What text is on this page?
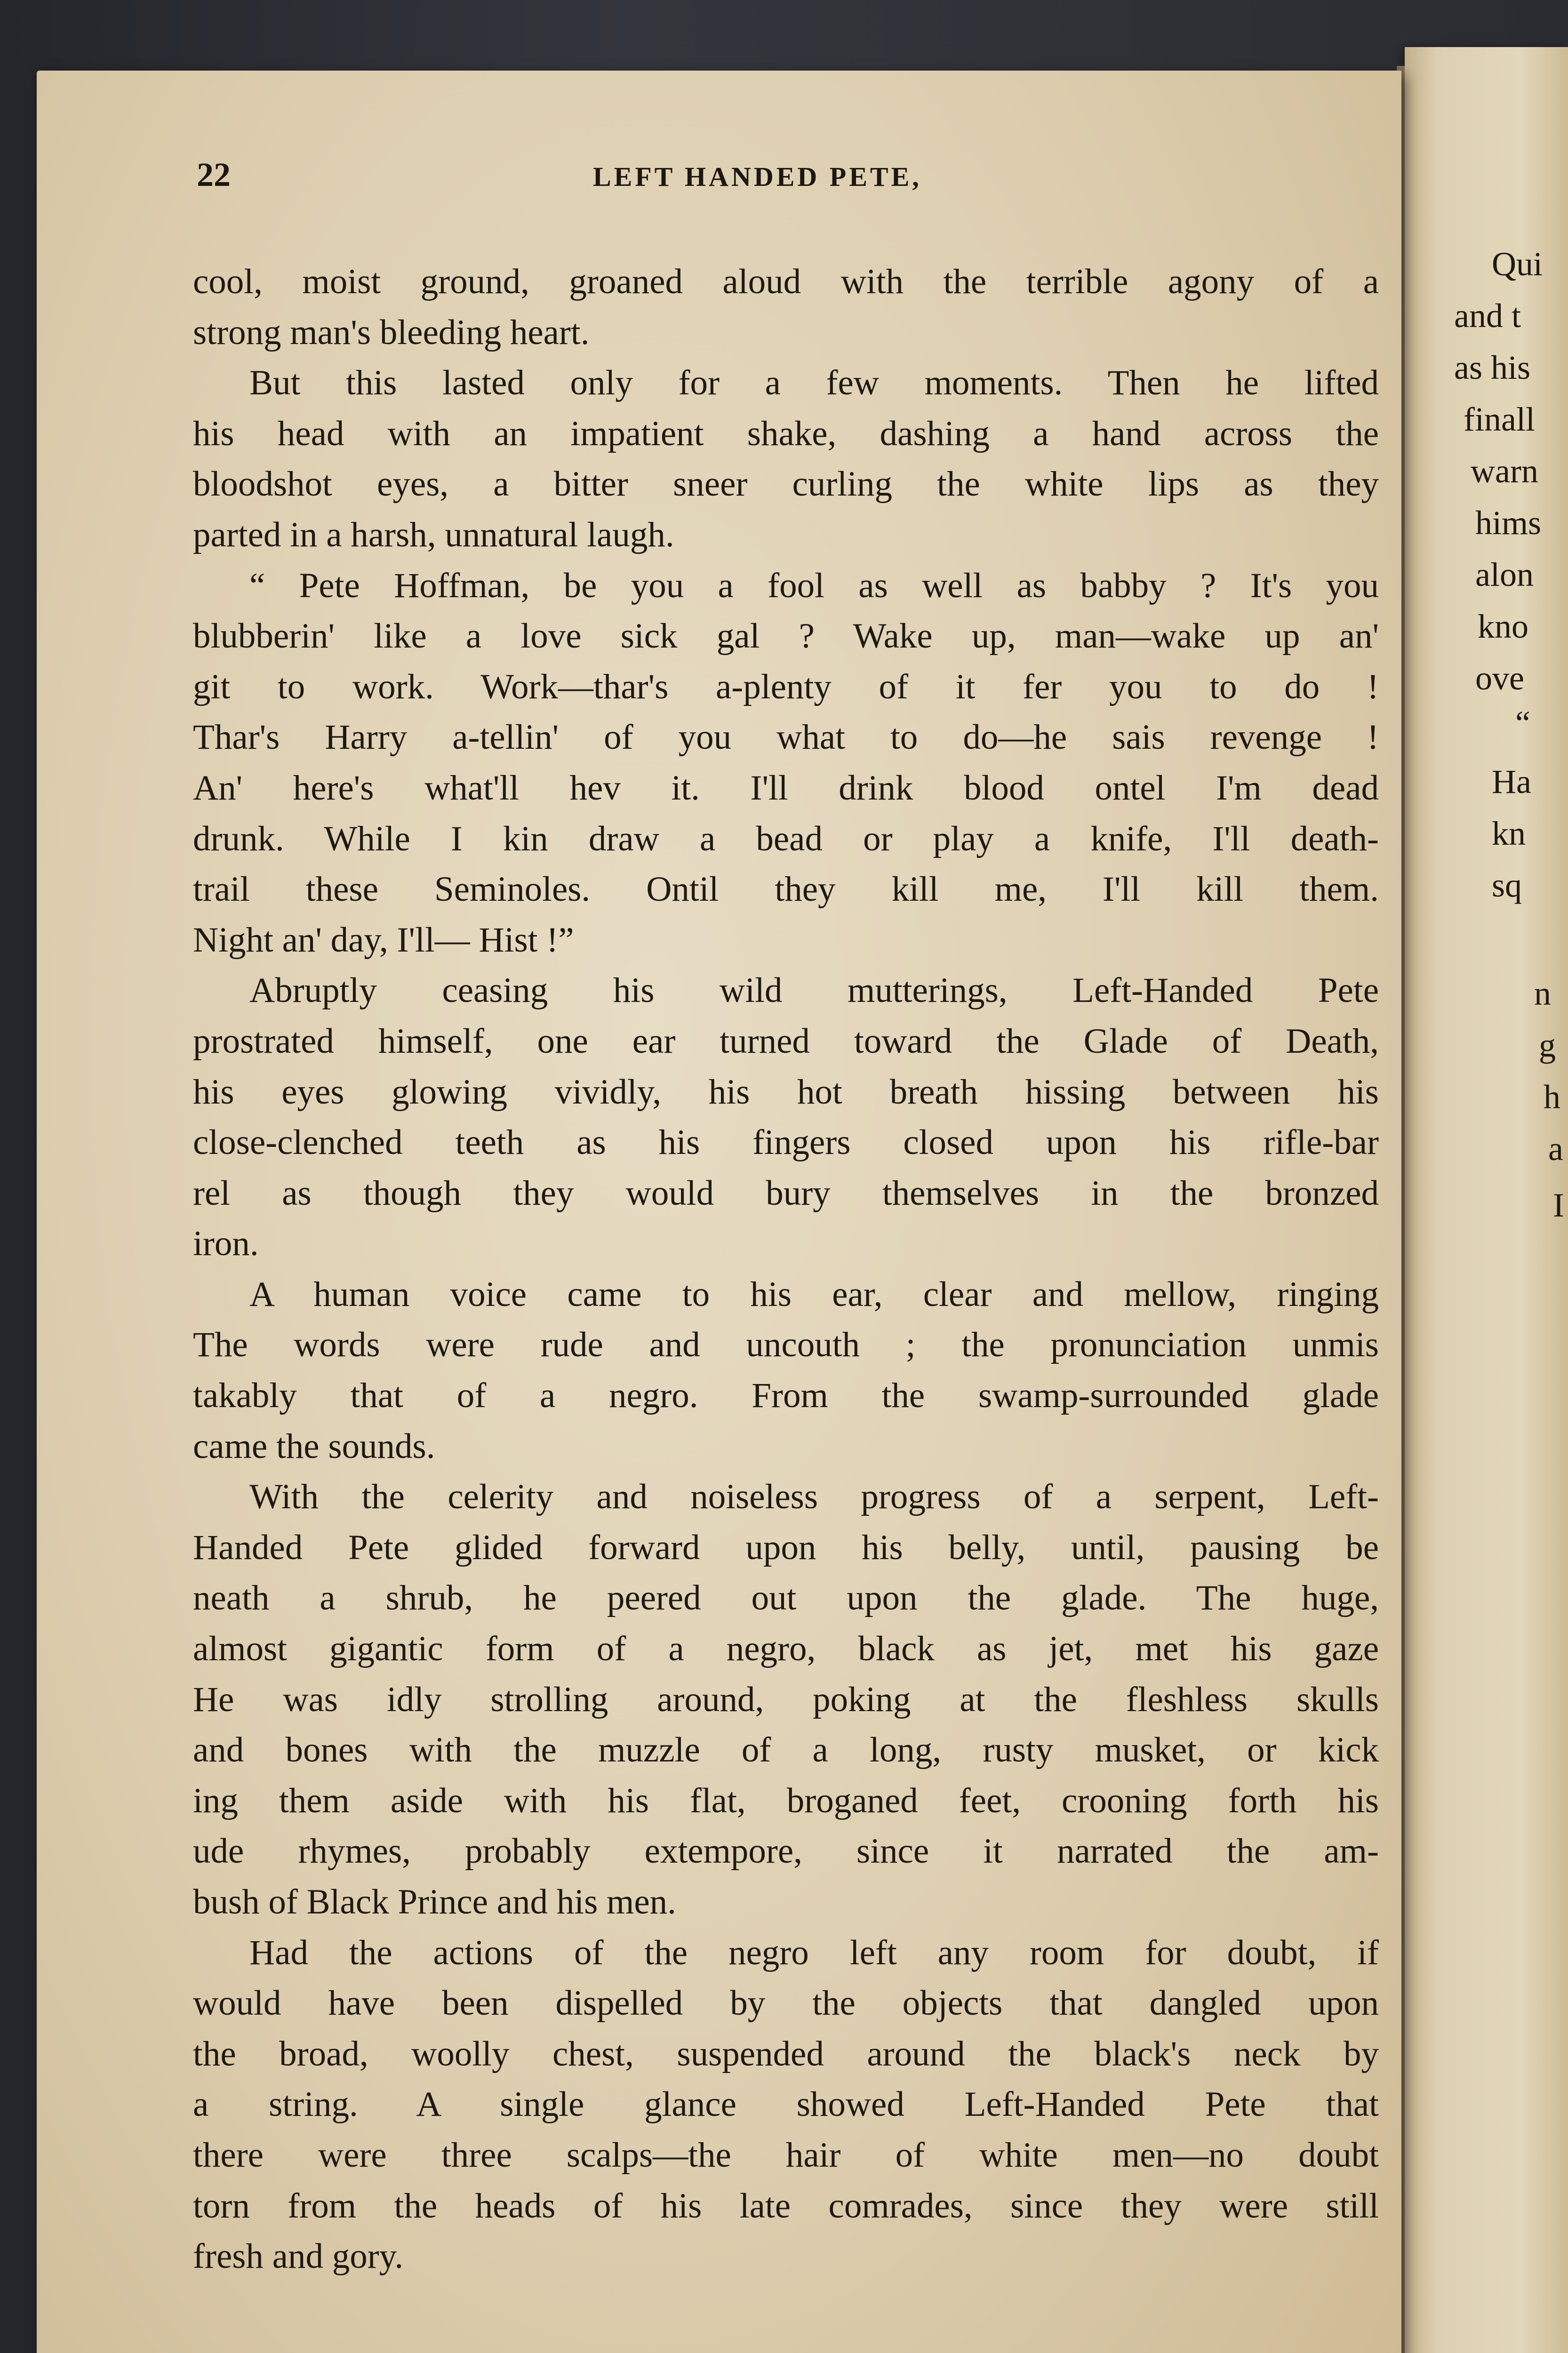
Qui
and t
as his
finall
warn
hims
alon
kno
ove
“
Ha
kn
sq
n
g
h
a
I
22	LEFT HANDED PETE,
cool, moist ground, groaned aloud with the terrible agony of a
strong man's bleeding heart.
But this lasted only for a few moments. Then he lifted
his head with an impatient shake, dashing a hand across the
bloodshot eyes, a bitter sneer curling the white lips as they
parted in a harsh, unnatural laugh.
“ Pete Hoffman, be you a fool as well as babby ? It's you
blubberin' like a love sick gal ? Wake up, man—wake up an'
git to work. Work—thar's a-plenty of it fer you to do !
Thar's Harry a-tellin' of you what to do—he sais revenge !
An' here's what'll hev it. I'll drink blood ontel I'm dead
drunk. While I kin draw a bead or play a knife, I'll death-
trail these Seminoles. Ontil they kill me, I'll kill them.
Night an' day, I'll— Hist !”
Abruptly ceasing his wild mutterings, Left-Handed Pete
prostrated himself, one ear turned toward the Glade of Death,
his eyes glowing vividly, his hot breath hissing between his
close-clenched teeth as his fingers closed upon his rifle-bar
rel as though they would bury themselves in the bronzed
iron.
A human voice came to his ear, clear and mellow, ringing
The words were rude and uncouth ; the pronunciation unmis
takably that of a negro. From the swamp-surrounded glade
came the sounds.
With the celerity and noiseless progress of a serpent, Left-
Handed Pete glided forward upon his belly, until, pausing be
neath a shrub, he peered out upon the glade. The huge,
almost gigantic form of a negro, black as jet, met his gaze
He was idly strolling around, poking at the fleshless skulls
and bones with the muzzle of a long, rusty musket, or kick
ing them aside with his flat, broganed feet, crooning forth his
ude rhymes, probably extempore, since it narrated the am-
bush of Black Prince and his men.
Had the actions of the negro left any room for doubt, if
would have been dispelled by the objects that dangled upon
the broad, woolly chest, suspended around the black's neck by
a string. A single glance showed Left-Handed Pete that
there were three scalps—the hair of white men—no doubt
torn from the heads of his late comrades, since they were still
fresh and gory.
